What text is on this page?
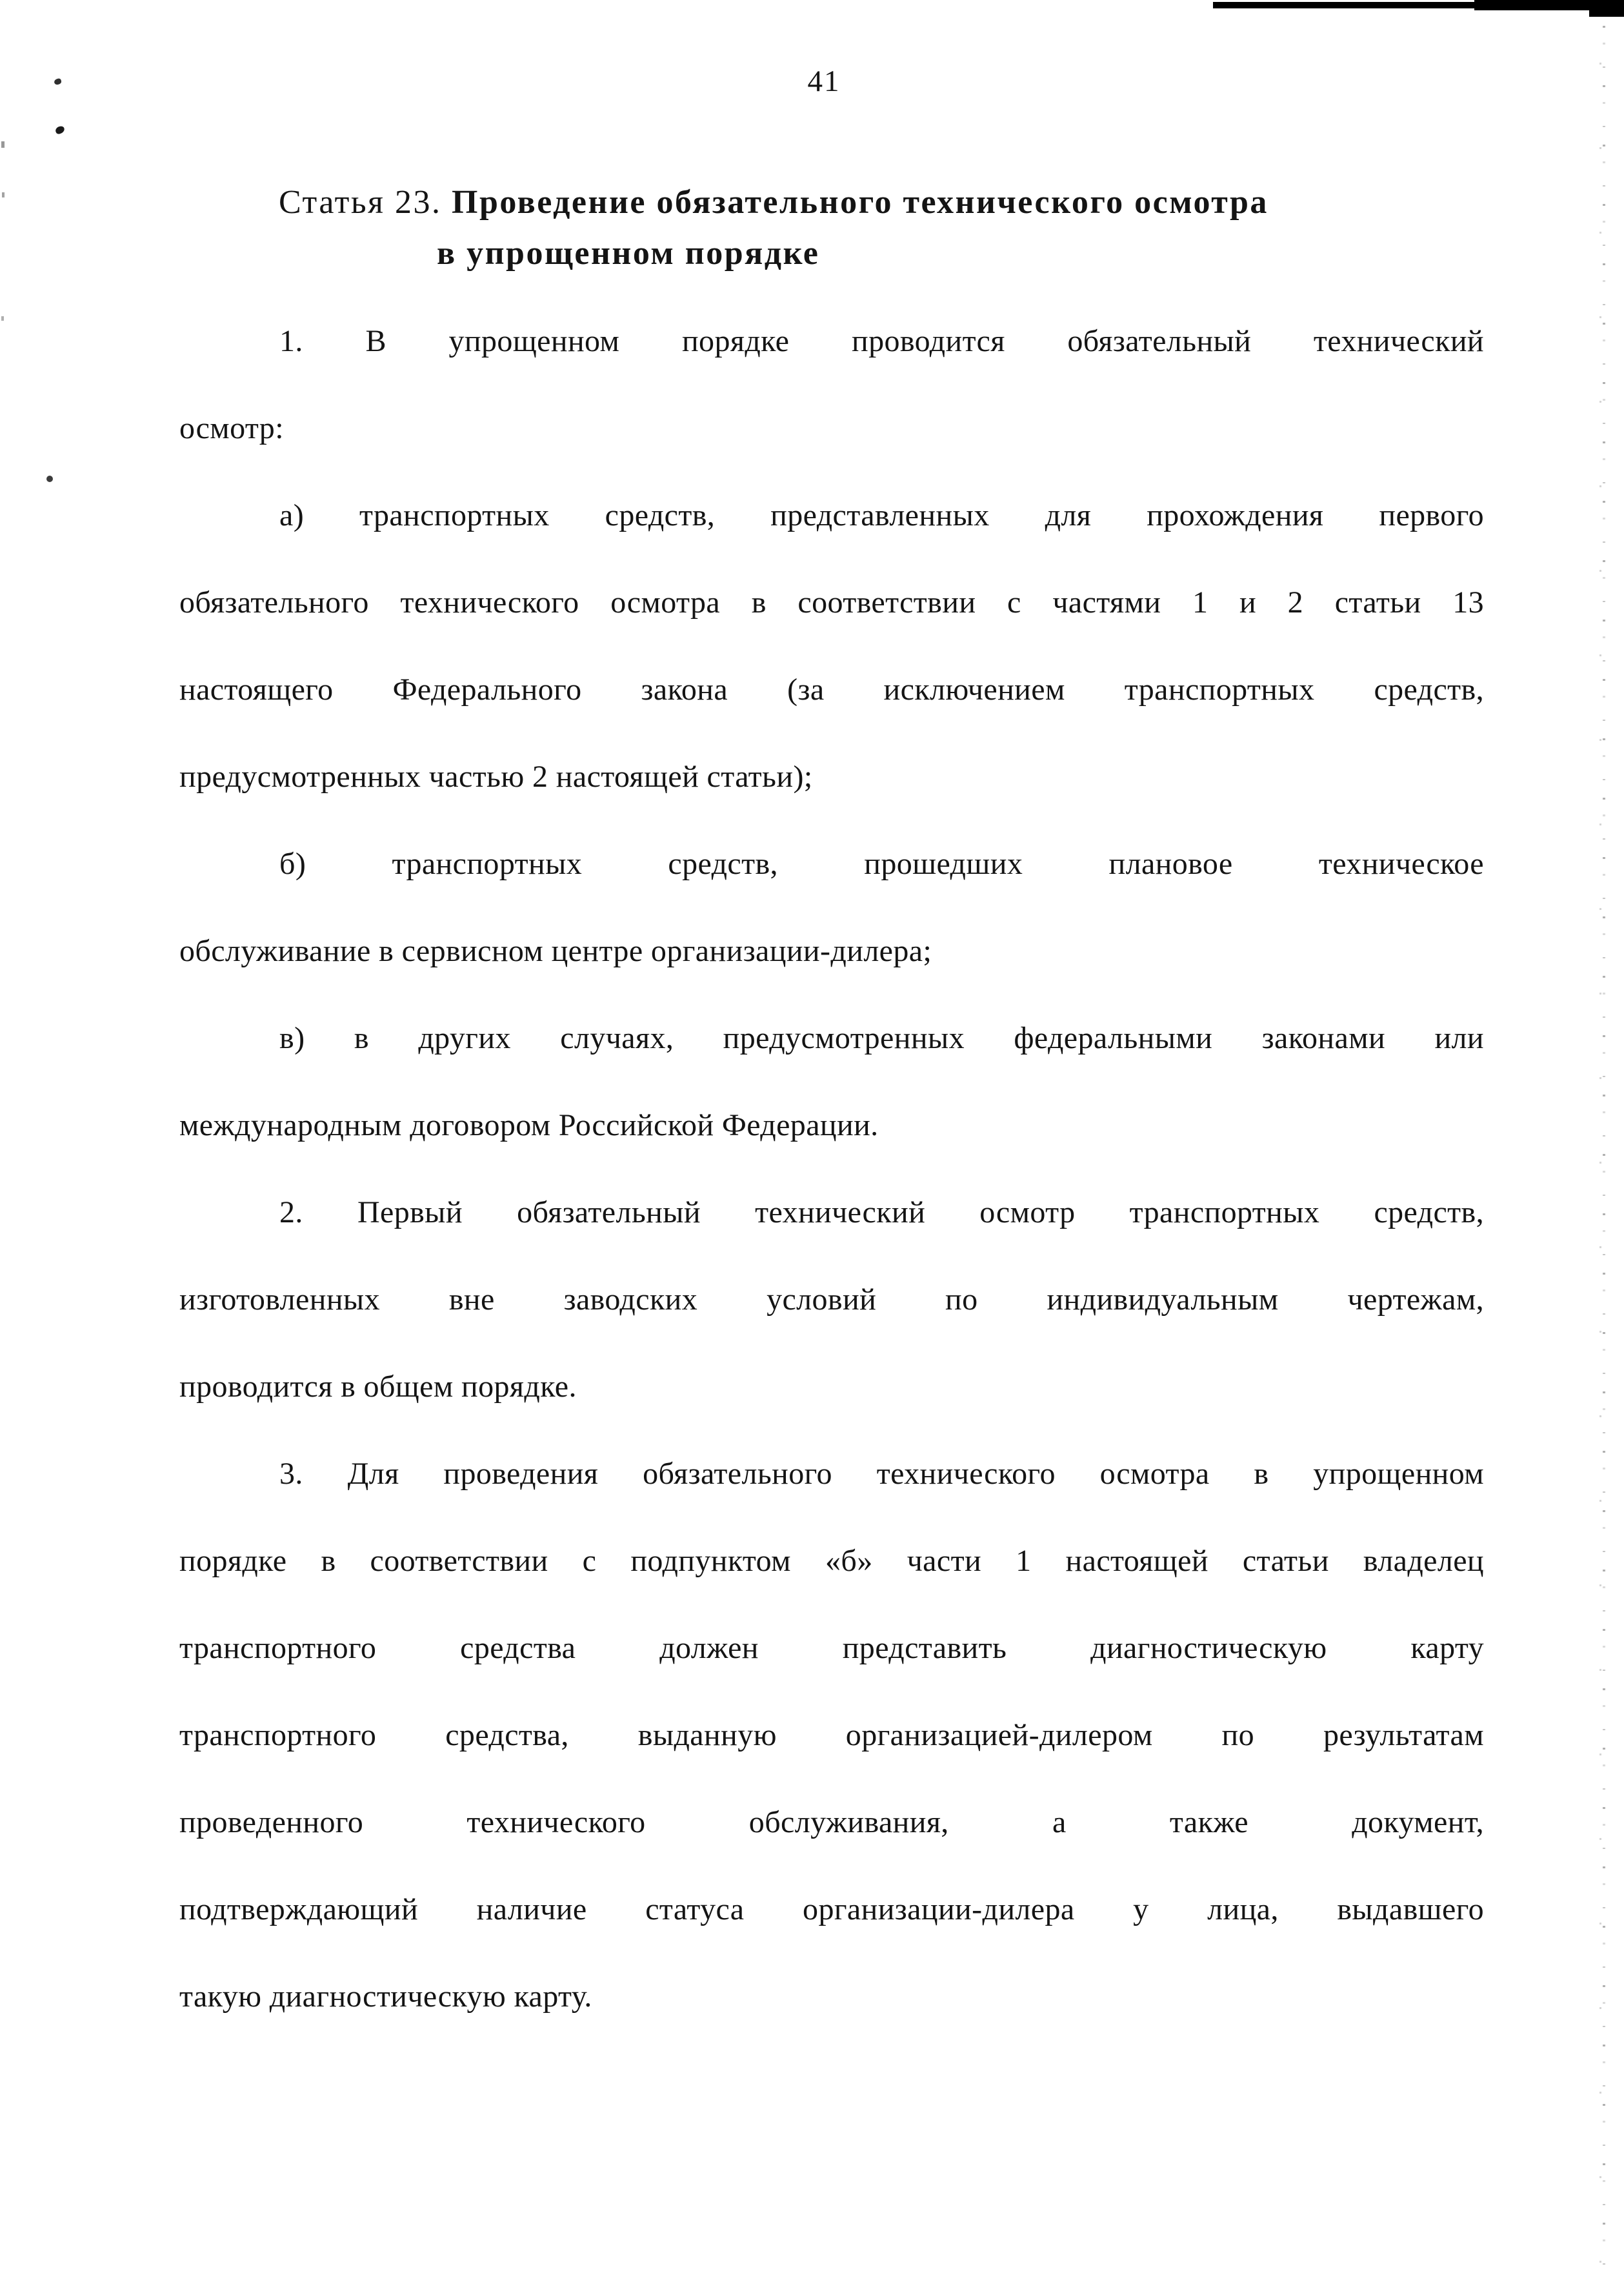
41
Статья 23. Проведение обязательного технического осмотра
в упрощенном порядке
1. В упрощенном порядке проводится обязательный технический
осмотр:
а) транспортных средств, представленных для прохождения первого
обязательного технического осмотра в соответствии с частями 1 и 2 статьи 13
настоящего Федерального закона (за исключением транспортных средств,
предусмотренных частью 2 настоящей статьи);
б) транспортных средств, прошедших плановое техническое
обслуживание в сервисном центре организации-дилера;
в) в других случаях, предусмотренных федеральными законами или
международным договором Российской Федерации.
2. Первый обязательный технический осмотр транспортных средств,
изготовленных вне заводских условий по индивидуальным чертежам,
проводится в общем порядке.
3. Для проведения обязательного технического осмотра в упрощенном
порядке в соответствии с подпунктом «б» части 1 настоящей статьи владелец
транспортного средства должен представить диагностическую карту
транспортного средства, выданную организацией-дилером по результатам
проведенного технического обслуживания, а также документ,
подтверждающий наличие статуса организации-дилера у лица, выдавшего
такую диагностическую карту.
